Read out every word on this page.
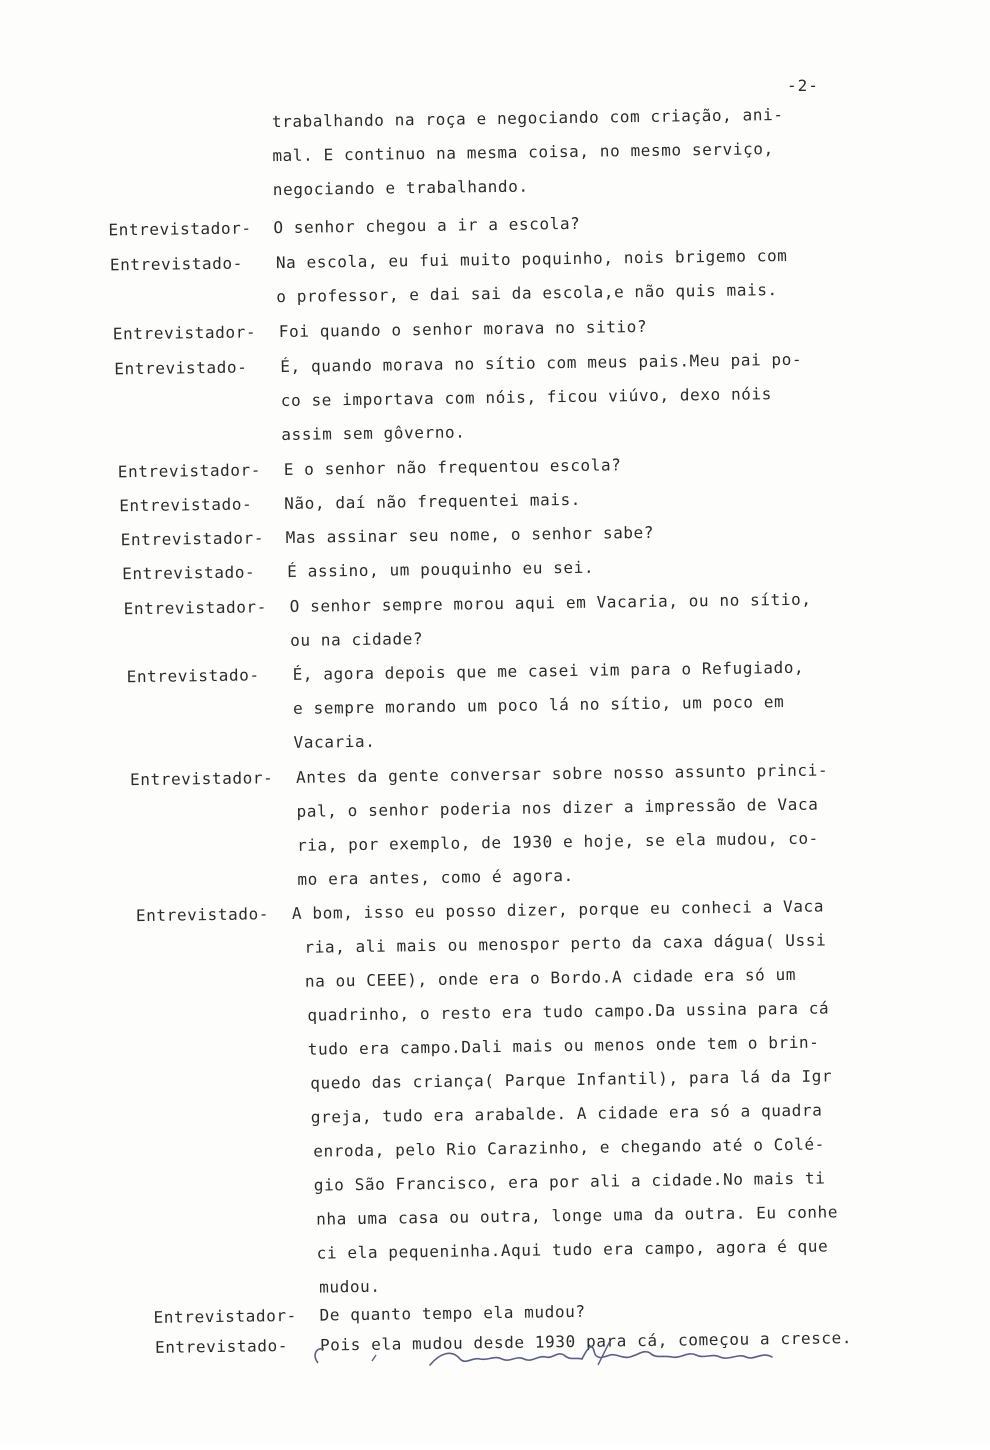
-2-
trabalhando na roça e negociando com criação, ani-
mal. E continuo na mesma coisa, no mesmo serviço,
negociando e trabalhando.
Entrevistador- O senhor chegou a ir a escola?
Entrevistado- Na escola, eu fui muito poquinho, nois brigemo com
o professor, e dai sai da escola,e não quis mais.
Entrevistador- Foi quando o senhor morava no sitio?
Entrevistado- É, quando morava no sítio com meus pais.Meu pai po-
co se importava com nóis, ficou viúvo, dexo nóis
assim sem gôverno.
Entrevistador- E o senhor não frequentou escola?
Entrevistado- Não, daí não frequentei mais.
Entrevistador- Mas assinar seu nome, o senhor sabe?
Entrevistado- É assino, um pouquinho eu sei.
Entrevistador- O senhor sempre morou aqui em Vacaria, ou no sítio,
ou na cidade?
Entrevistado- É, agora depois que me casei vim para o Refugiado,
e sempre morando um poco lá no sítio, um poco em
Vacaria.
Entrevistador- Antes da gente conversar sobre nosso assunto princi-
pal, o senhor poderia nos dizer a impressão de Vaca
ria, por exemplo, de 1930 e hoje, se ela mudou, co-
mo era antes, como é agora.
Entrevistado- A bom, isso eu posso dizer, porque eu conheci a Vaca
ria, ali mais ou menospor perto da caxa dágua( Ussi
na ou CEEE), onde era o Bordo.A cidade era só um
quadrinho, o resto era tudo campo.Da ussina para cá
tudo era campo.Dali mais ou menos onde tem o brin-
quedo das criança( Parque Infantil), para lá da Igr
greja, tudo era arabalde. A cidade era só a quadra
enroda, pelo Rio Carazinho, e chegando até o Colé-
gio São Francisco, era por ali a cidade.No mais ti
nha uma casa ou outra, longe uma da outra. Eu conhe
ci ela pequeninha.Aqui tudo era campo, agora é que
mudou.
Entrevistador- De quanto tempo ela mudou?
Entrevistado- Pois ela mudou desde 1930 para cá, começou a cresce.
